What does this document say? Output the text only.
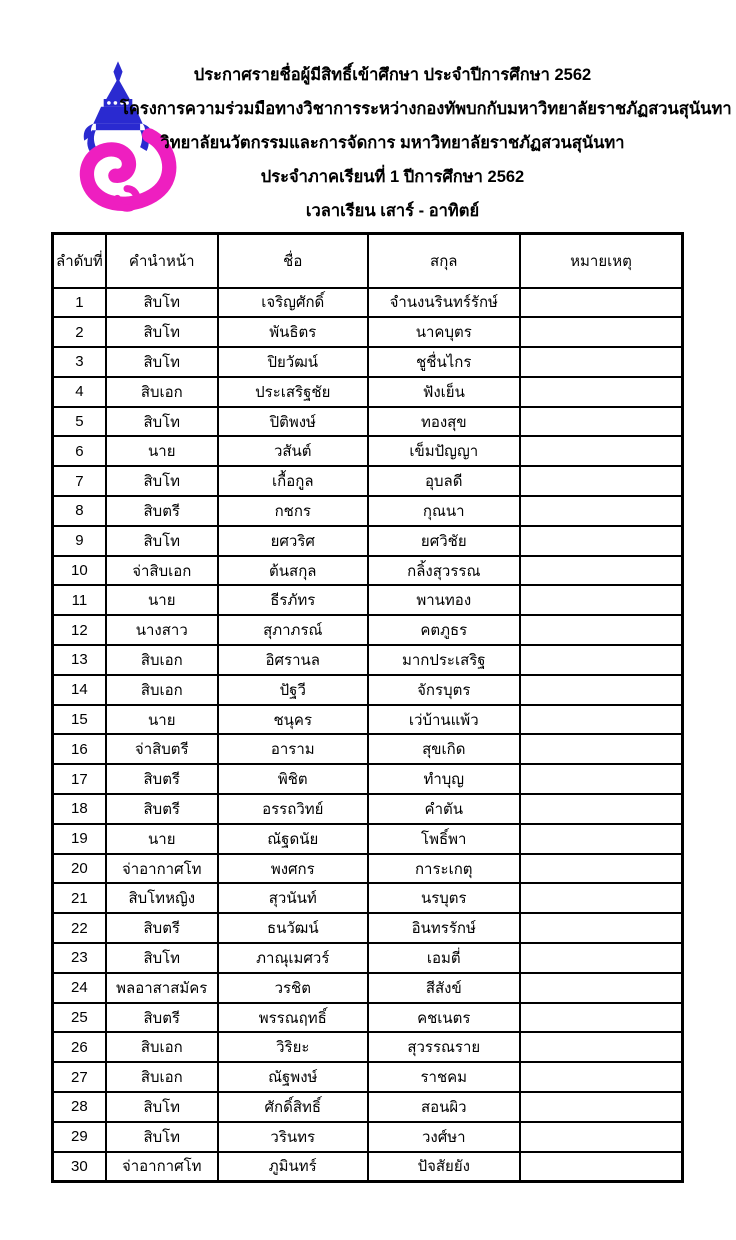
ประกาศรายชื่อผู้มีสิทธิ์เข้าศึกษา ประจำปีการศึกษา 2562
โครงการความร่วมมือทางวิชาการระหว่างกองทัพบกกับมหาวิทยาลัยราชภัฏสวนสุนันทา
วิทยาลัยนวัตกรรมและการจัดการ มหาวิทยาลัยราชภัฏสวนสุนันทา
ประจำภาคเรียนที่ 1 ปีการศึกษา 2562
เวลาเรียน เสาร์ - อาทิตย์
ลำดับที่	คำนำหน้า	ชื่อ	สกุล	หมายเหตุ
1	สิบโท	เจริญศักดิ์	จำนงนรินทร์รักษ์	
2	สิบโท	พันธิตร	นาคบุตร	
3	สิบโท	ปิยวัฒน์	ชูชื่นไกร	
4	สิบเอก	ประเสริฐชัย	ฟังเย็น	
5	สิบโท	ปิติพงษ์	ทองสุข	
6	นาย	วสันต์	เข็มปัญญา	
7	สิบโท	เกื้อกูล	อุบลดี	
8	สิบตรี	กชกร	กุณนา	
9	สิบโท	ยศวริศ	ยศวิชัย	
10	จ่าสิบเอก	ต้นสกุล	กลิ้งสุวรรณ	
11	นาย	ธีรภัทร	พานทอง	
12	นางสาว	สุภาภรณ์	คตภูธร	
13	สิบเอก	อิศรานล	มากประเสริฐ	
14	สิบเอก	ปัฐวี	จักรบุตร	
15	นาย	ชนุคร	เว่บ้านแพ้ว	
16	จ่าสิบตรี	อาราม	สุขเกิด	
17	สิบตรี	พิชิต	ทำบุญ	
18	สิบตรี	อรรถวิทย์	คำตัน	
19	นาย	ณัฐดนัย	โพธิ์พา	
20	จ่าอากาศโท	พงศกร	การะเกตุ	
21	สิบโทหญิง	สุวนันท์	นรบุตร	
22	สิบตรี	ธนวัฒน์	อินทรรักษ์	
23	สิบโท	ภาณุเมศวร์	เอมตี่	
24	พลอาสาสมัคร	วรชิต	สีสังข์	
25	สิบตรี	พรรณฤทธิ์	คชเนตร	
26	สิบเอก	วิริยะ	สุวรรณราย	
27	สิบเอก	ณัฐพงษ์	ราชคม	
28	สิบโท	ศักดิ์สิทธิ์	สอนผิว	
29	สิบโท	วรินทร	วงศ์ษา	
30	จ่าอากาศโท	ภูมินทร์	ปัจสัยยัง	
